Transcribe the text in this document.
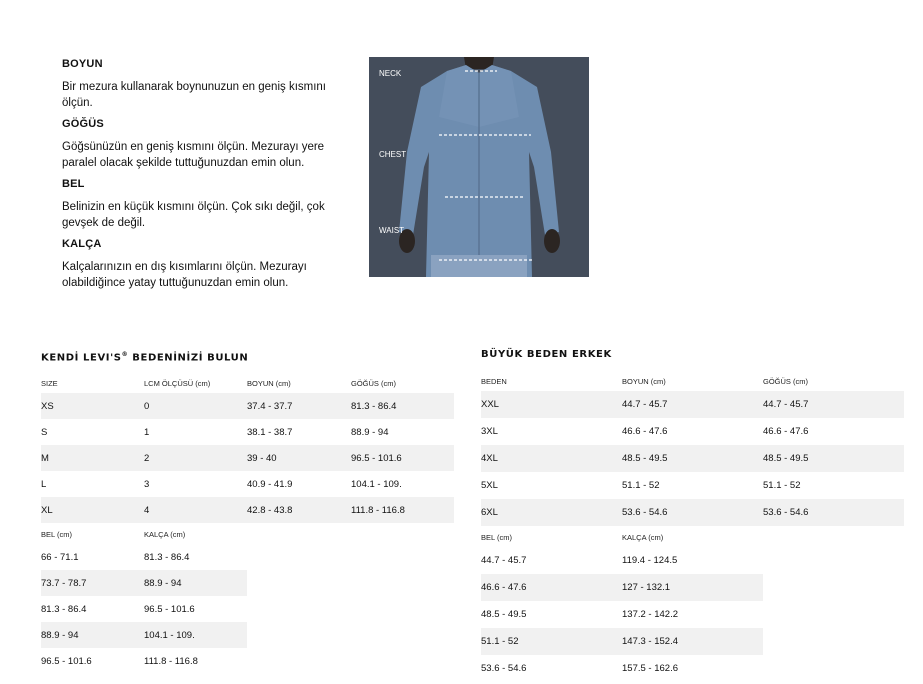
BOYUN

Bir mezura kullanarak boynunuzun en geniş kısmını ölçün.

GÖĞÜS

Göğsünüzün en geniş kısmını ölçün. Mezurayı yere paralel olacak şekilde tuttuğunuzdan emin olun.

BEL

Belinizin en küçük kısmını ölçün. Çok sıkı değil, çok gevşek de değil.

KALÇA

Kalçalarınızın en dış kısımlarını ölçün. Mezurayı olabildiğince yatay tuttuğunuzdan emin olun.

NECK
CHEST
WAIST
KENDİ LEVI'S® BEDENİNİZİ BULUN	BÜYÜK BEDEN ERKEK
SIZE	LCM ÖLÇÜSÜ (cm)	BOYUN (cm)	GÖĞÜS (cm)
XS	0	37.4 - 37.7	81.3 - 86.4
S	1	38.1 - 38.7	88.9 - 94
M	2	39 - 40	96.5 - 101.6
L	3	40.9 - 41.9	104.1 - 109.
XL	4	42.8 - 43.8	111.8 - 116.8
BEL (cm)	KALÇA (cm)
66 - 71.1	81.3 - 86.4
73.7 - 78.7	88.9 - 94
81.3 - 86.4	96.5 - 101.6
88.9 - 94	104.1 - 109.
96.5 - 101.6	111.8 - 116.8
BEDEN	BOYUN (cm)	GÖĞÜS (cm)
XXL	44.7 - 45.7	44.7 - 45.7
3XL	46.6 - 47.6	46.6 - 47.6
4XL	48.5 - 49.5	48.5 - 49.5
5XL	51.1 - 52	51.1 - 52
6XL	53.6 - 54.6	53.6 - 54.6
BEL (cm)	KALÇA (cm)
44.7 - 45.7	119.4 - 124.5
46.6 - 47.6	127 - 132.1
48.5 - 49.5	137.2 - 142.2
51.1 - 52	147.3 - 152.4
53.6 - 54.6	157.5 - 162.6
